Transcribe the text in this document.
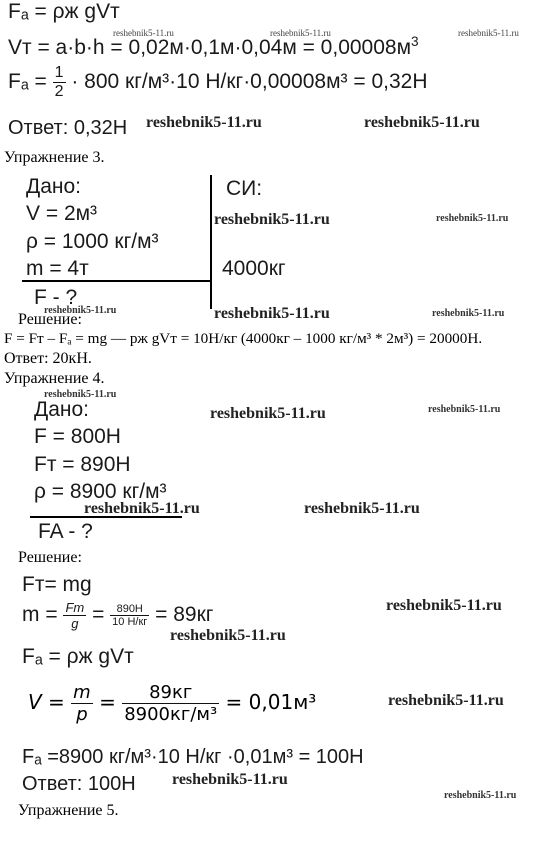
Fₐ = ρж gVт
Vт = $a\cdot b\cdot h = 0,02м\cdot 0,1м\cdot 0,04м = 0,00008м^3$
$F_a = \frac{1}{2} \cdot 800$ кг/м³·10 Н/кг·0,00008м³ = 0,32Н
Ответ: 0,32Н
Упражнение 3.
Дано:	СИ:
V = 2м³
ρ = 1000 кг/м³
m = 4т	4000кг
F - ?
Решение:
F = Fт – Fₐ = mg — pж gVт = 10Н/кг (4000кг – 1000 кг/м³ * 2м³) = 20000Н.
Ответ: 20кН.
Упражнение 4.
Дано:
F = 800Н
Fт = 890Н
ρ = 8900 кг/м³
FA - ?
Решение:
Fт= mg
$m = \frac{Fт}{g} = \frac{890Н}{10 Н/кг} = 89кг$
Fₐ = ρж gVт
$V = \frac{m}{p} = \frac{89кг}{\text{8900кг/м³}} = 0,01м^3$
Fₐ =8900 кг/м³·10 Н/кг ·0,01м³ = 100Н
Ответ: 100Н
Упражнение 5.
reshebnik5-11.ru	reshebnik5-11.ru	reshebnik5-11.ru
reshebnik5-11.ru	reshebnik5-11.ru
reshebnik5-11.ru	reshebnik5-11.ru
reshebnik5-11.ru	reshebnik5-11.ru	reshebnik5-11.ru
reshebnik5-11.ru
reshebnik5-11.ru	reshebnik5-11.ru
reshebnik5-11.ru	reshebnik5-11.ru
reshebnik5-11.ru
reshebnik5-11.ru
reshebnik5-11.ru
reshebnik5-11.ru
reshebnik5-11.ru
